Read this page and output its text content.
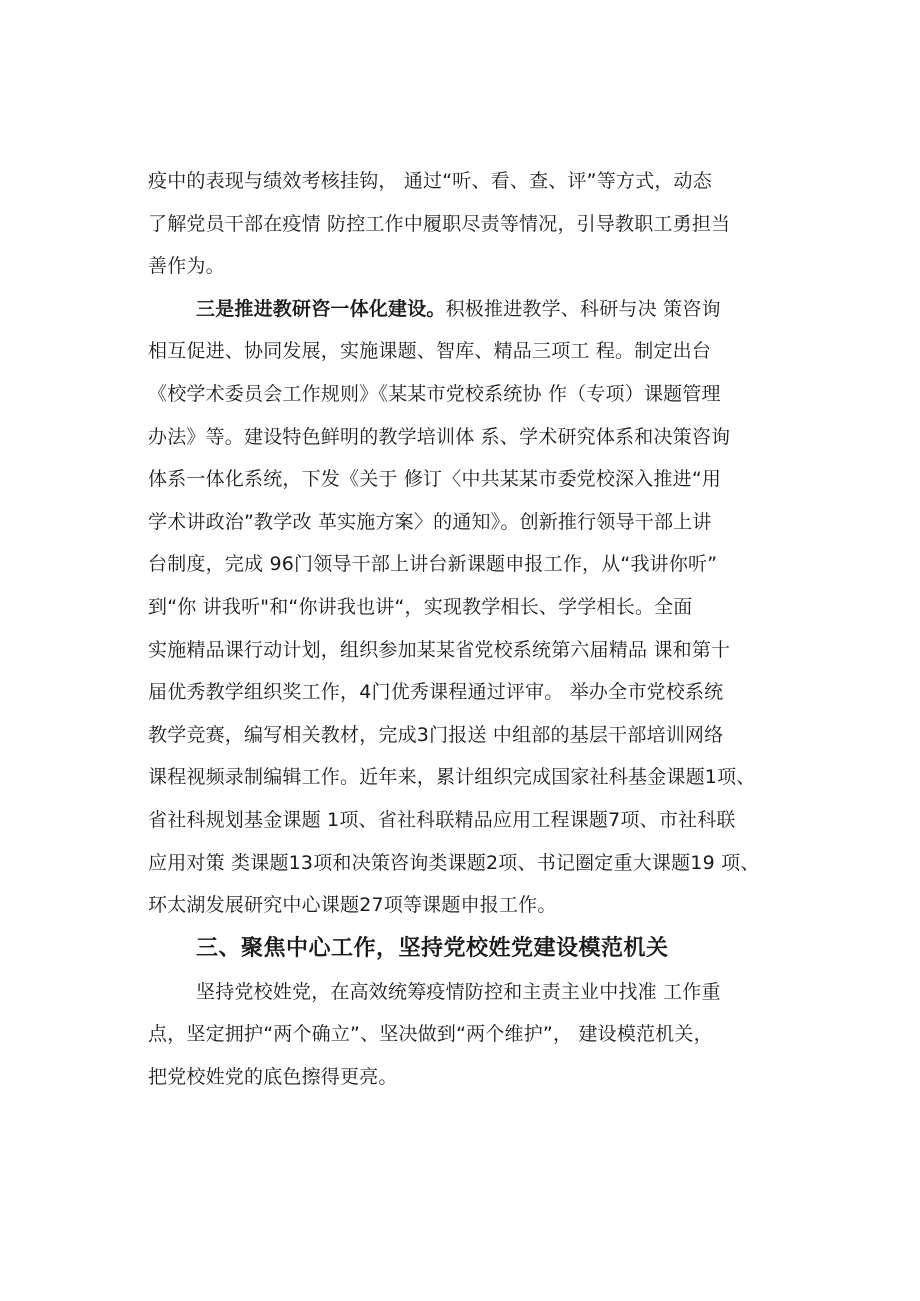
疫中的表现与绩效考核挂钩， 通过“听、看、查、评”等方式，动态
了解党员干部在疫情 防控工作中履职尽责等情况，引导教职工勇担当
善作为。
三是推进教研咨一体化建设。积极推进教学、科研与决 策咨询
相互促进、协同发展，实施课题、智库、精品三项工 程。制定出台
《校学术委员会工作规则》《某某市党校系统协 作（专项）课题管理
办法》等。建设特色鲜明的教学培训体 系、学术研究体系和决策咨询
体系一体化系统，下发《关于 修订〈中共某某市委党校深入推进“用
学术讲政治”教学改 革实施方案〉的通知》。创新推行领导干部上讲
台制度，完成 96门领导干部上讲台新课题申报工作，从“我讲你听”
到“你 讲我听"和“你讲我也讲“，实现教学相长、学学相长。全面
实施精品课行动计划，组织参加某某省党校系统第六届精品 课和第十
届优秀教学组织奖工作，4门优秀课程通过评审。 举办全市党校系统
教学竞赛，编写相关教材，完成3门报送 中组部的基层干部培训网络
课程视频录制编辑工作。近年来，累计组织完成国家社科基金课题1项、
省社科规划基金课题 1项、省社科联精品应用工程课题7项、市社科联
应用对策 类课题13项和决策咨询类课题2项、书记圈定重大课题19 项、
环太湖发展研究中心课题27项等课题申报工作。
三、聚焦中心工作，坚持党校姓党建设模范机关
坚持党校姓党，在高效统筹疫情防控和主责主业中找准 工作重
点，坚定拥护“两个确立”、坚决做到“两个维护”， 建设模范机关，
把党校姓党的底色擦得更亮。
